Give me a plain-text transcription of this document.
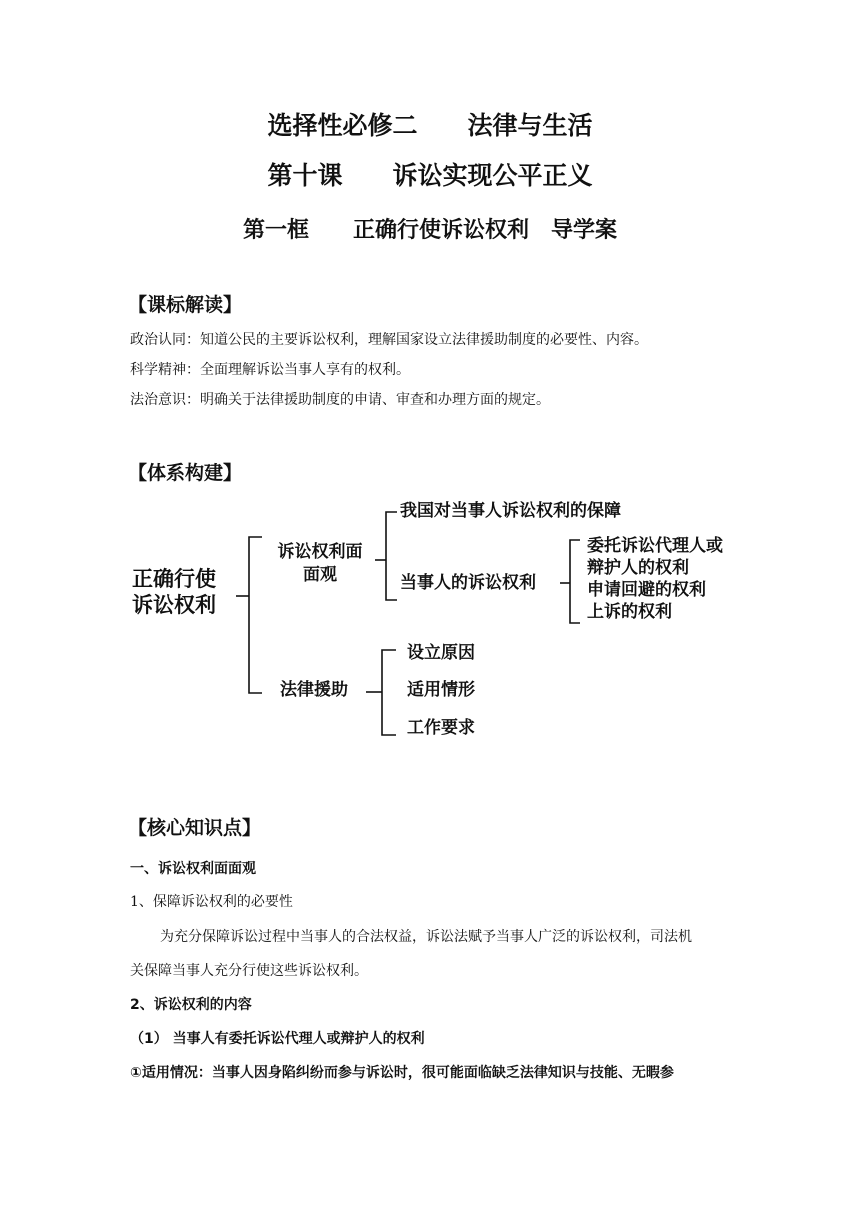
选择性必修二　　法律与生活
第十课　　诉讼实现公平正义
第一框　　正确行使诉讼权利　导学案
【课标解读】
政治认同：知道公民的主要诉讼权利，理解国家设立法律援助制度的必要性、内容。
科学精神：全面理解诉讼当事人享有的权利。
法治意识：明确关于法律援助制度的申请、审查和办理方面的规定。
【体系构建】
正确行使
诉讼权利
诉讼权利面
面观
我国对当事人诉讼权利的保障
当事人的诉讼权利
委托诉讼代理人或
辩护人的权利
申请回避的权利
上诉的权利
法律援助
设立原因
适用情形
工作要求
【核心知识点】
一、诉讼权利面面观
1、保障诉讼权利的必要性
为充分保障诉讼过程中当事人的合法权益，诉讼法赋予当事人广泛的诉讼权利，司法机
关保障当事人充分行使这些诉讼权利。
2、诉讼权利的内容
（1） 当事人有委托诉讼代理人或辩护人的权利
①适用情况：当事人因身陷纠纷而参与诉讼时，很可能面临缺乏法律知识与技能、无暇参
